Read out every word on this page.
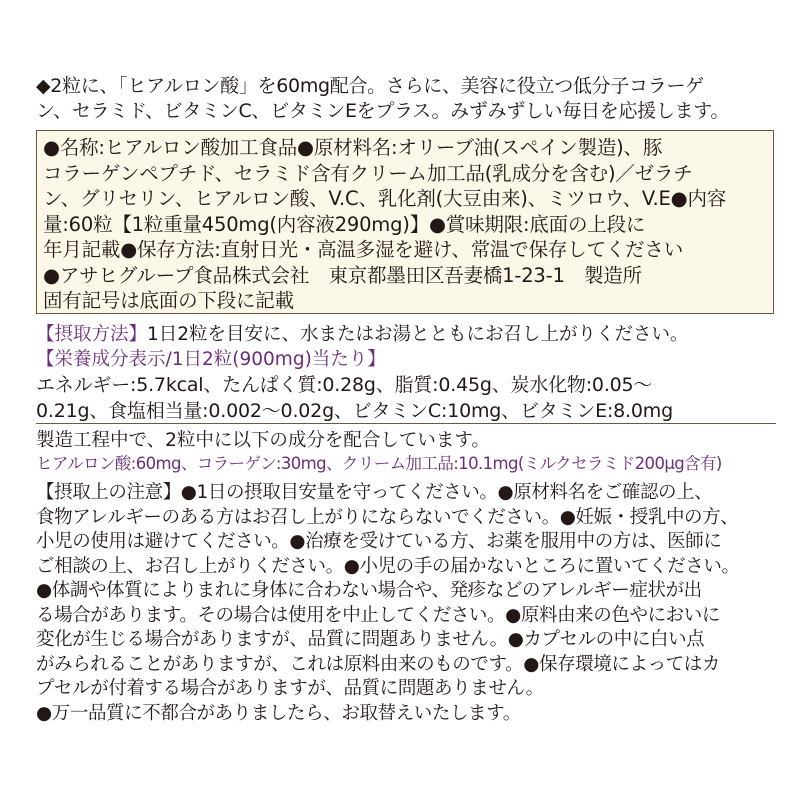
◆2粒に、「ヒアルロン酸」を60mg配合。さらに、美容に役立つ低分子コラーゲ

ン、セラミド、ビタミンC、ビタミンEをプラス。みずみずしい毎日を応援します。

●名称:ヒアルロン酸加工食品●原材料名:オリーブ油(スペイン製造)、豚

コラーゲンペプチド、セラミド含有クリーム加工品(乳成分を含む)／ゼラチ

ン、グリセリン、ヒアルロン酸、V.C、乳化剤(大豆由来)、ミツロウ、V.E●内容

量:60粒【1粒重量450mg(内容液290mg)】●賞味期限:底面の上段に

年月記載●保存方法:直射日光・高温多湿を避け、常温で保存してください

●アサヒグループ食品株式会社　東京都墨田区吾妻橋1-23-1　製造所

固有記号は底面の下段に記載

【摂取方法】1日2粒を目安に、水またはお湯とともにお召し上がりください。
【栄養成分表示/1日2粒(900mg)当たり】

エネルギー:5.7kcal、たんぱく質:0.28g、脂質:0.45g、炭水化物:0.05〜

0.21g、食塩相当量:0.002〜0.02g、ビタミンC:10mg、ビタミンE:8.0mg

製造工程中で、2粒中に以下の成分を配合しています。
ヒアルロン酸:60mg、コラーゲン:30mg、クリーム加工品:10.1mg(ミルクセラミド200μg含有)

【摂取上の注意】●1日の摂取目安量を守ってください。●原材料名をご確認の上、

食物アレルギーのある方はお召し上がりにならないでください。●妊娠・授乳中の方、

小児の使用は避けてください。●治療を受けている方、お薬を服用中の方は、医師に

ご相談の上、お召し上がりください。●小児の手の届かないところに置いてください。

●体調や体質によりまれに身体に合わない場合や、発疹などのアレルギー症状が出

る場合があります。その場合は使用を中止してください。●原料由来の色やにおいに

変化が生じる場合がありますが、品質に問題ありません。●カプセルの中に白い点

がみられることがありますが、これは原料由来のものです。●保存環境によってはカ

プセルが付着する場合がありますが、品質に問題ありません。

●万一品質に不都合がありましたら、お取替えいたします。
